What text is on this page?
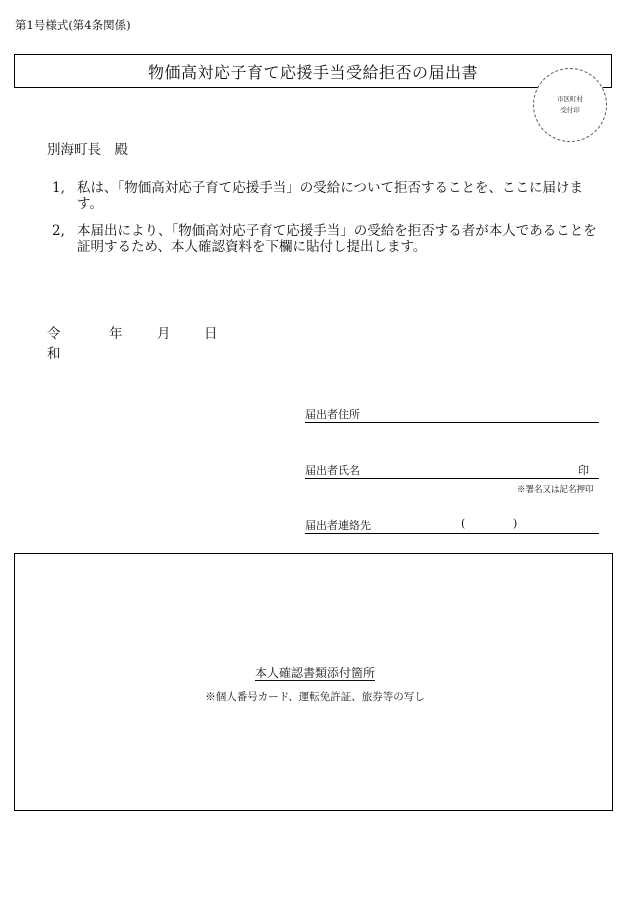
第1号様式(第4条関係)
物価高対応子育て応援手当受給拒否の届出書
市区町村
受付印
別海町長　殿
1, 私は、「物価高対応子育て応援手当」の受給について拒否することを、ここに届けます。
2, 本届出により、「物価高対応子育て応援手当」の受給を拒否する者が本人であることを証明するため、本人確認資料を下欄に貼付し提出します。
令和
年	月 日
届出者住所
届出者氏名	印
※署名又は記名押印
届出者連絡先	(	)
本人確認書類添付箇所
※個人番号カード、運転免許証、旅券等の写し
